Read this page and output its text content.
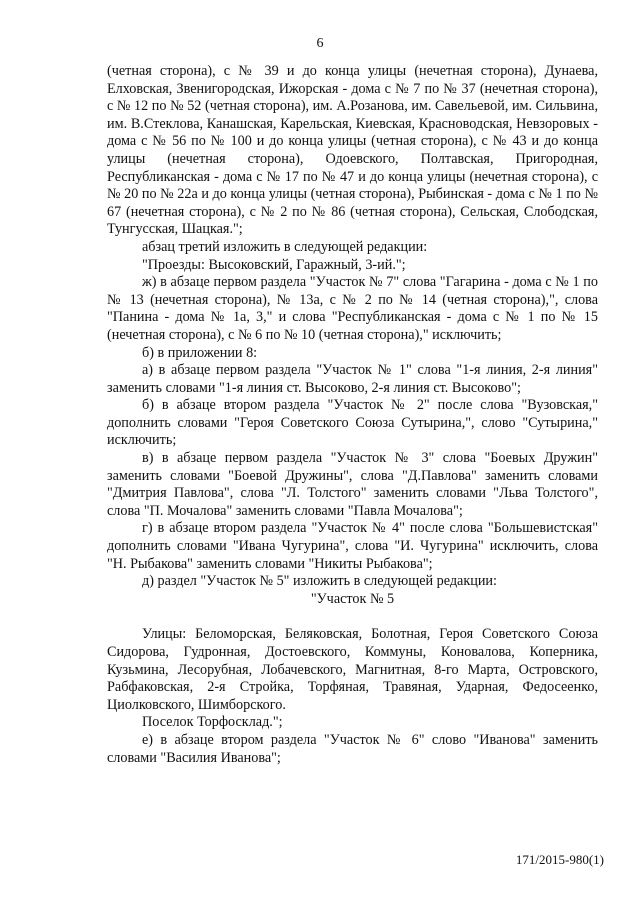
6

(четная сторона), с № 39 и до конца улицы (нечетная сторона), Дунаева, Елховская, Звенигородская, Ижорская - дома с № 7 по № 37 (нечетная сторона), с № 12 по № 52 (четная сторона), им. А.Розанова, им. Савельевой, им. Сильвина, им. В.Стеклова, Канашская, Карельская, Киевская, Красноводская, Невзоровых - дома с № 56 по № 100 и до конца улицы (четная сторона), с № 43 и до конца улицы (нечетная сторона), Одоевского, Полтавская, Пригородная, Республиканская - дома с № 17 по № 47 и до конца улицы (нечетная сторона), с № 20 по № 22а и до конца улицы (четная сторона), Рыбинская - дома с № 1 по № 67 (нечетная сторона), с № 2 по № 86 (четная сторона), Сельская, Слободская, Тунгусская, Шацкая.";

абзац третий изложить в следующей редакции:

"Проезды: Высоковский, Гаражный, 3-ий.";

ж) в абзаце первом раздела "Участок № 7" слова "Гагарина - дома с № 1 по № 13 (нечетная сторона), № 13а, с № 2 по № 14 (четная сторона),", слова "Панина - дома № 1а, 3," и слова "Республиканская - дома с № 1 по № 15 (нечетная сторона), с № 6 по № 10 (четная сторона)," исключить;

б) в приложении 8:

а) в абзаце первом раздела "Участок № 1" слова "1-я линия, 2-я линия" заменить словами "1-я линия ст. Высоково, 2-я линия ст. Высоково";

б) в абзаце втором раздела "Участок № 2" после слова "Вузовская," дополнить словами "Героя Советского Союза Сутырина,", слово "Сутырина," исключить;

в) в абзаце первом раздела "Участок № 3" слова "Боевых Дружин" заменить словами "Боевой Дружины", слова "Д.Павлова" заменить словами "Дмитрия Павлова", слова "Л. Толстого" заменить словами "Льва Толстого", слова "П. Мочалова" заменить словами "Павла Мочалова";

г) в абзаце втором раздела "Участок № 4" после слова "Большевистская" дополнить словами "Ивана Чугурина", слова "И. Чугурина" исключить, слова "Н. Рыбакова" заменить словами "Никиты Рыбакова";

д) раздел "Участок № 5" изложить в следующей редакции:

"Участок № 5

Улицы: Беломорская, Беляковская, Болотная, Героя Советского Союза Сидорова, Гудронная, Достоевского, Коммуны, Коновалова, Коперника, Кузьмина, Лесорубная, Лобачевского, Магнитная, 8-го Марта, Островского, Рабфаковская, 2-я Стройка, Торфяная, Травяная, Ударная, Федосеенко, Циолковского, Шимборского.

Поселок Торфосклад.";

е) в абзаце втором раздела "Участок № 6" слово "Иванова" заменить словами "Василия Иванова";

171/2015-980(1)
